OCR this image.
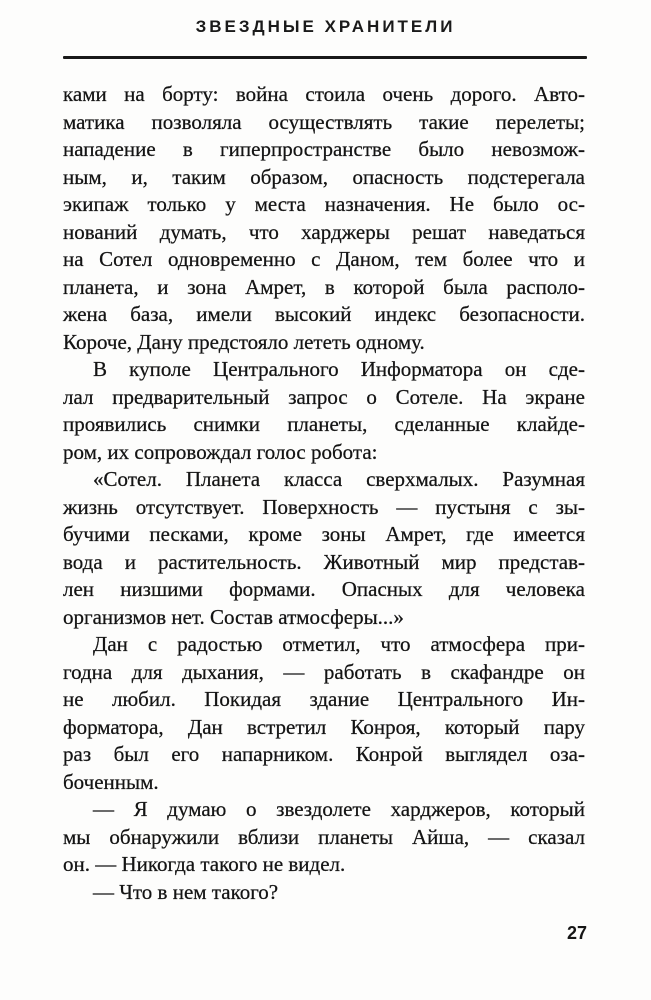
ЗВЕЗДНЫЕ ХРАНИТЕЛИ
ками на борту: война стоила очень дорого. Авто-
матика позволяла осуществлять такие перелеты;
нападение в гиперпространстве было невозмож-
ным, и, таким образом, опасность подстерегала
экипаж только у места назначения. Не было ос-
нований думать, что харджеры решат наведаться
на Сотел одновременно с Даном, тем более что и
планета, и зона Амрет, в которой была располо-
жена база, имели высокий индекс безопасности.
Короче, Дану предстояло лететь одному.
В куполе Центрального Информатора он сде-
лал предварительный запрос о Сотеле. На экране
проявились снимки планеты, сделанные клайде-
ром, их сопровождал голос робота:
«Сотел. Планета класса сверхмалых. Разумная
жизнь отсутствует. Поверхность — пустыня с зы-
бучими песками, кроме зоны Амрет, где имеется
вода и растительность. Животный мир представ-
лен низшими формами. Опасных для человека
организмов нет. Состав атмосферы...»
Дан с радостью отметил, что атмосфера при-
годна для дыхания, — работать в скафандре он
не любил. Покидая здание Центрального Ин-
форматора, Дан встретил Конроя, который пару
раз был его напарником. Конрой выглядел оза-
боченным.
— Я думаю о звездолете харджеров, который
мы обнаружили вблизи планеты Айша, — сказал
он. — Никогда такого не видел.
— Что в нем такого?
27
